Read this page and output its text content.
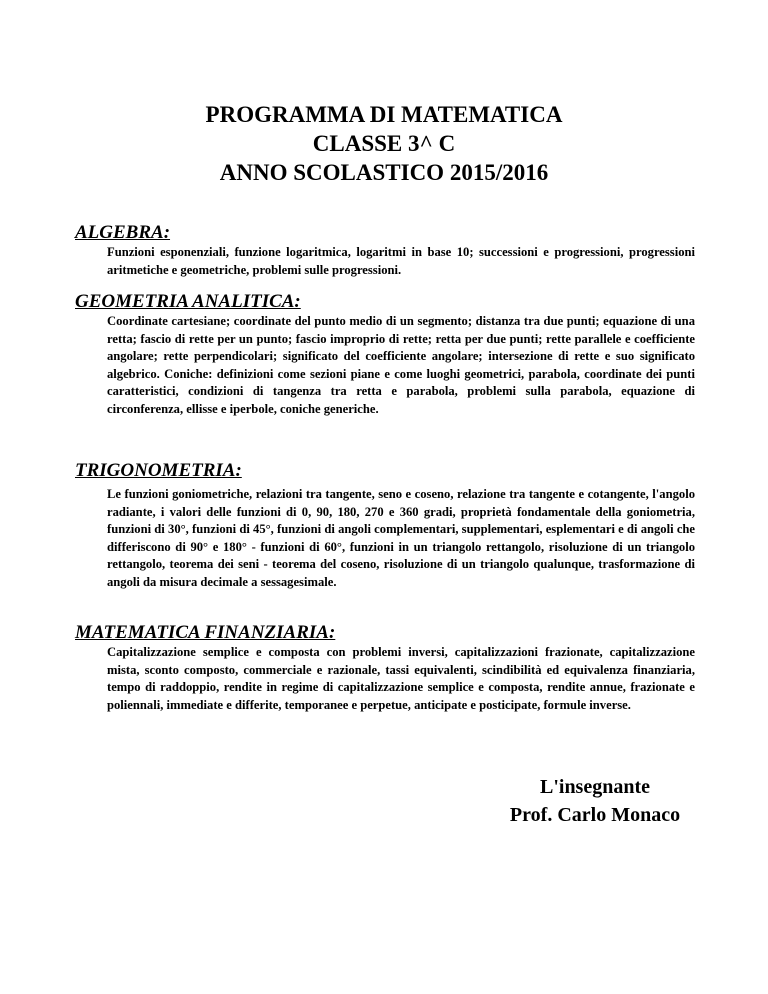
PROGRAMMA DI MATEMATICA
CLASSE 3^ C
ANNO SCOLASTICO 2015/2016
ALGEBRA:

Funzioni esponenziali, funzione logaritmica, logaritmi in base 10; successioni e progressioni, progressioni aritmetiche e geometriche, problemi sulle progressioni.

GEOMETRIA ANALITICA:

Coordinate cartesiane; coordinate del punto medio di un segmento; distanza tra due punti; equazione di una retta; fascio di rette per un punto; fascio improprio di rette; retta per due punti; rette parallele e coefficiente angolare; rette perpendicolari; significato del coefficiente angolare; intersezione di rette e suo significato algebrico. Coniche: definizioni come sezioni piane e come luoghi geometrici, parabola, coordinate dei punti caratteristici, condizioni di tangenza tra retta e parabola, problemi sulla parabola, equazione di circonferenza, ellisse e iperbole, coniche generiche.

TRIGONOMETRIA:

Le funzioni goniometriche, relazioni tra tangente, seno e coseno, relazione tra tangente e cotangente, l'angolo radiante, i valori delle funzioni di 0, 90, 180, 270 e 360 gradi, proprietà fondamentale della goniometria, funzioni di 30°, funzioni di 45°, funzioni di angoli complementari, supplementari, esplementari e di angoli che differiscono di 90° e 180° - funzioni di 60°, funzioni in un triangolo rettangolo, risoluzione di un triangolo rettangolo, teorema dei seni - teorema del coseno, risoluzione di un triangolo qualunque, trasformazione di angoli da misura decimale a sessagesimale.

MATEMATICA FINANZIARIA:

Capitalizzazione semplice e composta con problemi inversi, capitalizzazioni frazionate, capitalizzazione mista, sconto composto, commerciale e razionale, tassi equivalenti, scindibilità ed equivalenza finanziaria, tempo di raddoppio, rendite in regime di capitalizzazione semplice e composta, rendite annue, frazionate e poliennali, immediate e differite, temporanee e perpetue, anticipate e posticipate, formule inverse.

L'insegnante
Prof. Carlo Monaco
